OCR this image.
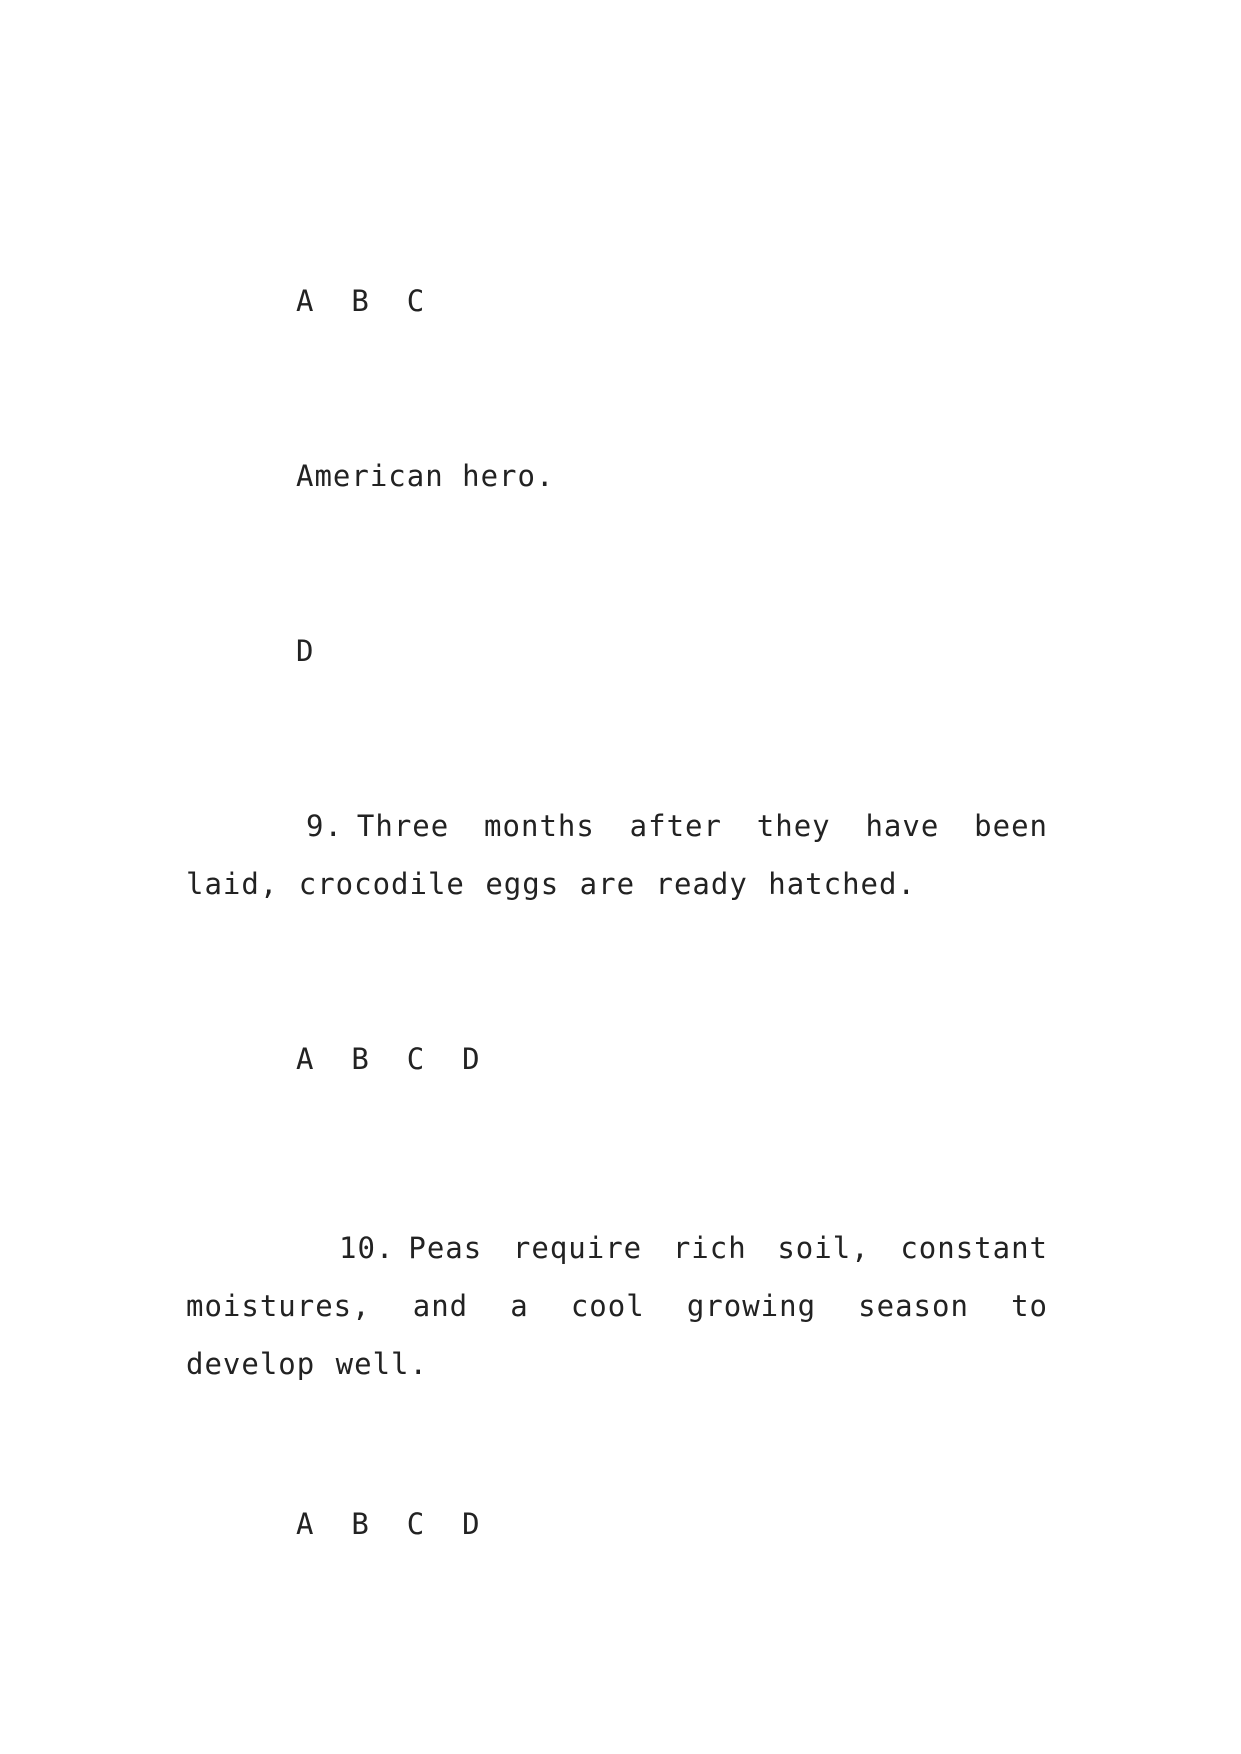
A  B  C
American hero.
D
9. Three months after they have been laid, crocodile eggs are ready hatched.
A  B  C  D
10. Peas require rich soil, constant moistures, and a cool growing season to develop well.
A  B  C  D
